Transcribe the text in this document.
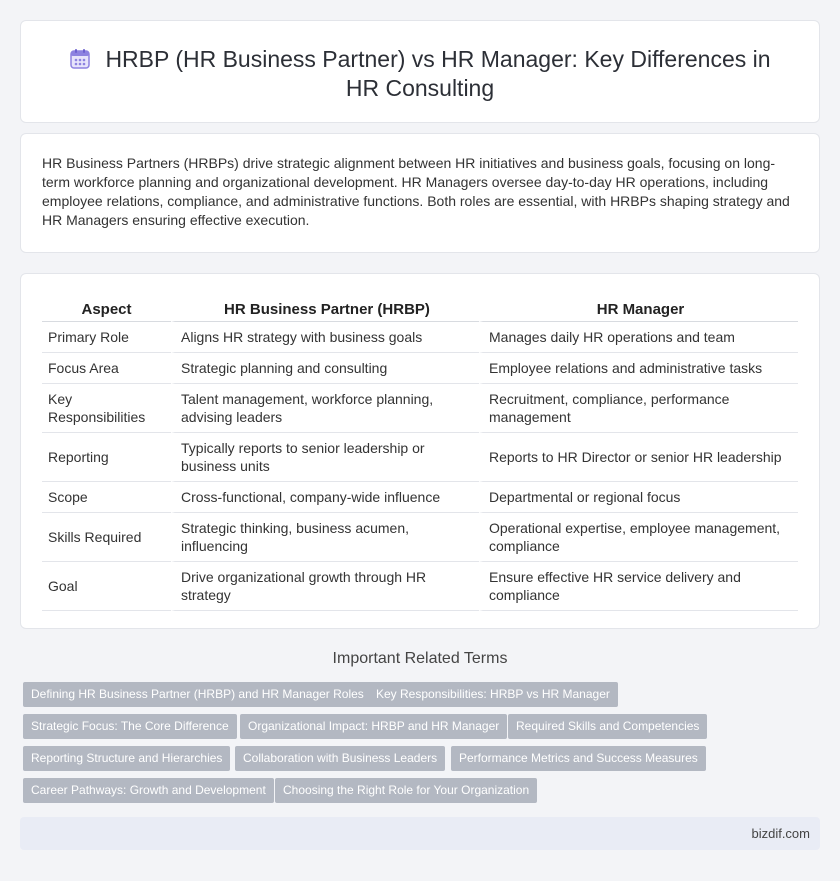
HRBP (HR Business Partner) vs HR Manager: Key Differences in HR Consulting

HR Business Partners (HRBPs) drive strategic alignment between HR initiatives and business goals, focusing on long-term workforce planning and organizational development. HR Managers oversee day-to-day HR operations, including employee relations, compliance, and administrative functions. Both roles are essential, with HRBPs shaping strategy and HR Managers ensuring effective execution.

Aspect	HR Business Partner (HRBP)	HR Manager
Primary Role	Aligns HR strategy with business goals	Manages daily HR operations and team
Focus Area	Strategic planning and consulting	Employee relations and administrative tasks
Key Responsibilities	Talent management, workforce planning, advising leaders	Recruitment, compliance, performance management
Reporting	Typically reports to senior leadership or business units	Reports to HR Director or senior HR leadership
Scope	Cross-functional, company-wide influence	Departmental or regional focus
Skills Required	Strategic thinking, business acumen, influencing	Operational expertise, employee management, compliance
Goal	Drive organizational growth through HR strategy	Ensure effective HR service delivery and compliance
Important Related Terms
Defining HR Business Partner (HRBP) and HR Manager Roles	Key Responsibilities: HRBP vs HR Manager
Strategic Focus: The Core Difference	Organizational Impact: HRBP and HR Manager	Required Skills and Competencies
Reporting Structure and Hierarchies	Collaboration with Business Leaders	Performance Metrics and Success Measures
Career Pathways: Growth and Development	Choosing the Right Role for Your Organization
bizdif.com
